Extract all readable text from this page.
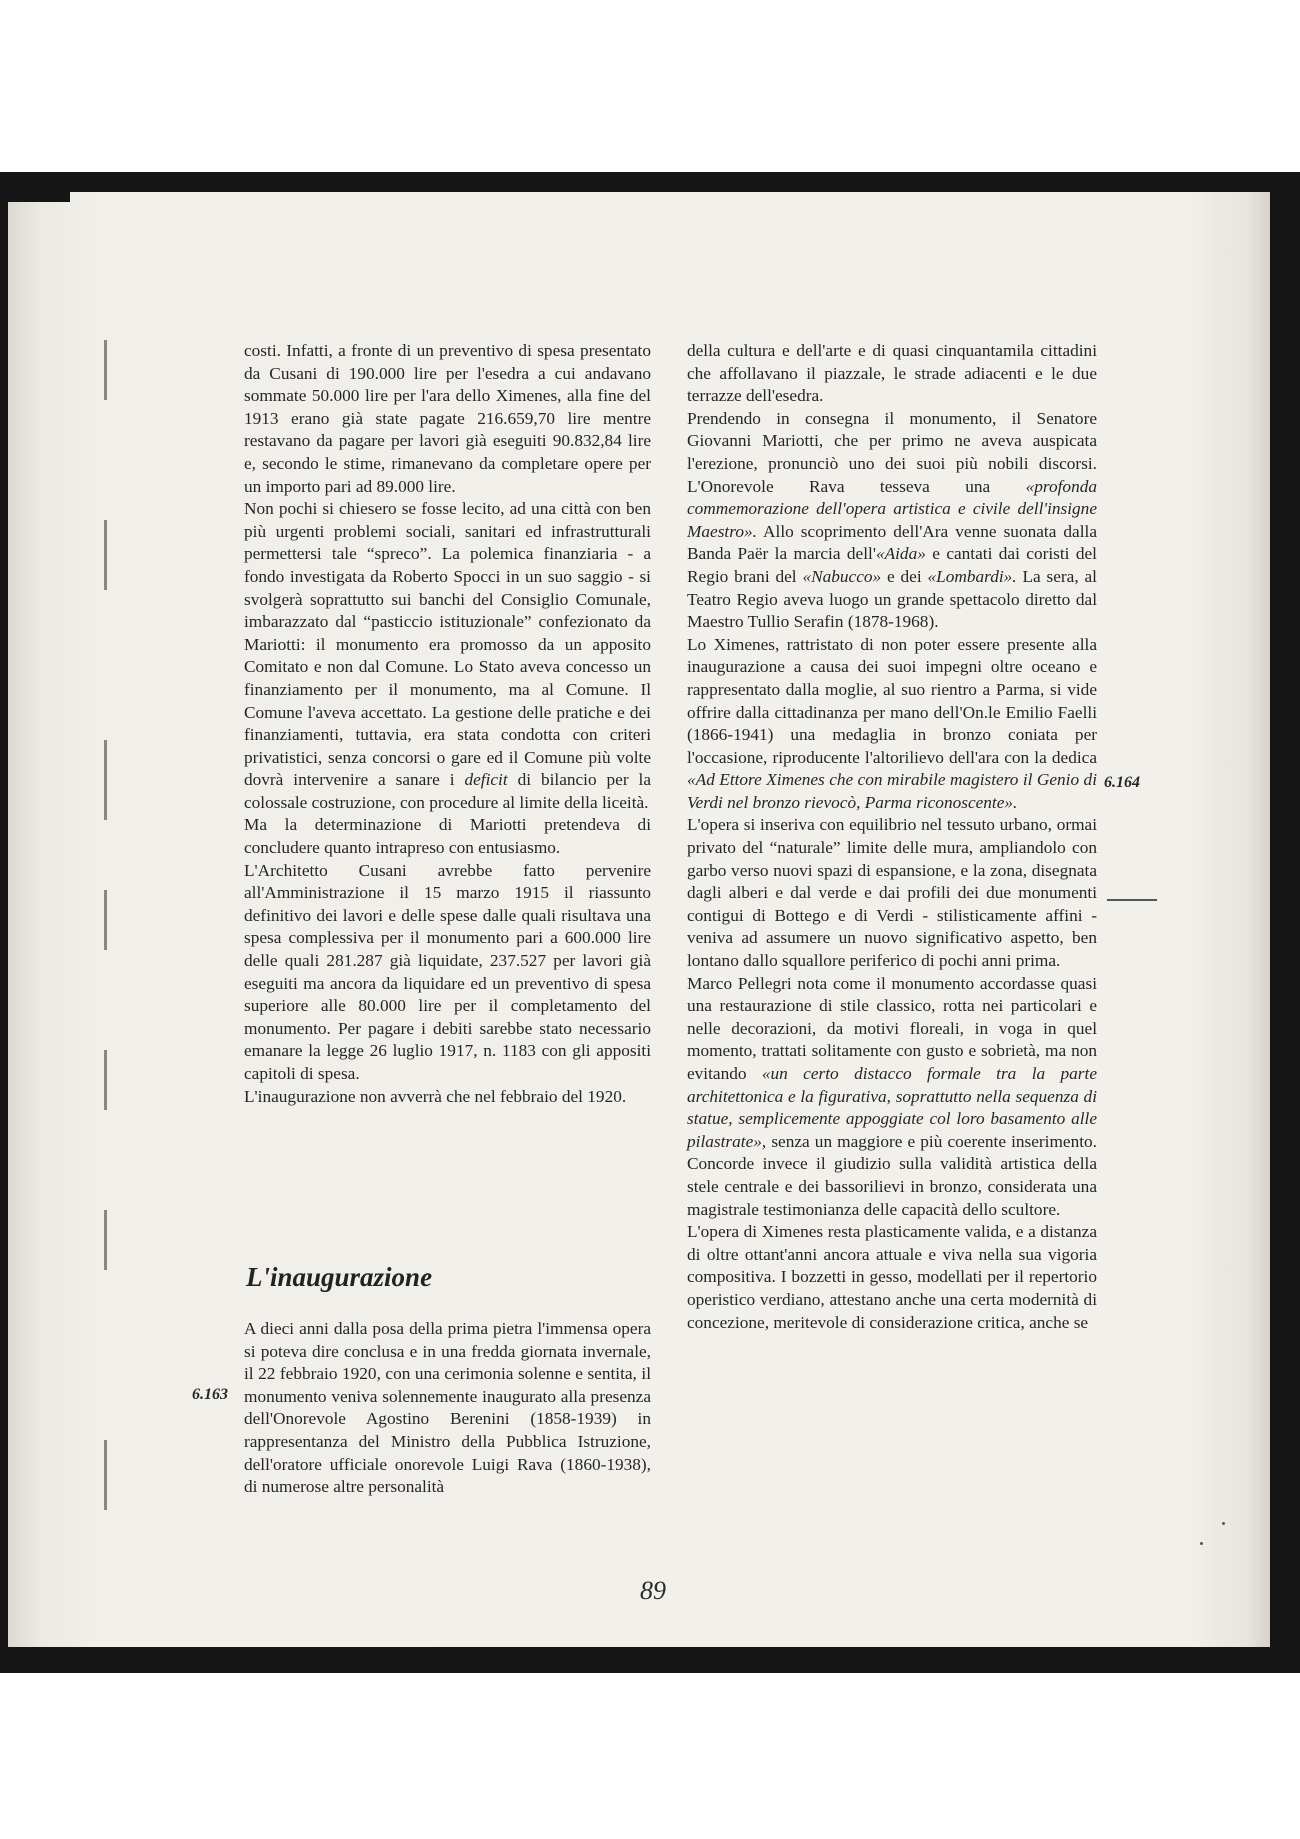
costi. Infatti, a fronte di un preventivo di spesa presentato da Cusani di 190.000 lire per l'esedra a cui andavano sommate 50.000 lire per l'ara dello Ximenes, alla fine del 1913 erano già state pagate 216.659,70 lire mentre restavano da pagare per lavori già eseguiti 90.832,84 lire e, secondo le stime, rimanevano da completare opere per un importo pari ad 89.000 lire.

Non pochi si chiesero se fosse lecito, ad una città con ben più urgenti problemi sociali, sanitari ed infrastrutturali permettersi tale “spreco”. La polemica finanziaria - a fondo investigata da Roberto Spocci in un suo saggio - si svolgerà soprattutto sui banchi del Consiglio Comunale, imbarazzato dal “pasticcio istituzionale” confezionato da Mariotti: il monumento era promosso da un apposito Comitato e non dal Comune. Lo Stato aveva concesso un finanziamento per il monumento, ma al Comune. Il Comune l'aveva accettato. La gestione delle pratiche e dei finanziamenti, tuttavia, era stata condotta con criteri privatistici, senza concorsi o gare ed il Comune più volte dovrà intervenire a sanare i deficit di bilancio per la colossale costruzione, con procedure al limite della liceità.

Ma la determinazione di Mariotti pretendeva di concludere quanto intrapreso con entusiasmo.

L'Architetto Cusani avrebbe fatto pervenire all'Amministrazione il 15 marzo 1915 il riassunto definitivo dei lavori e delle spese dalle quali risultava una spesa complessiva per il monumento pari a 600.000 lire delle quali 281.287 già liquidate, 237.527 per lavori già eseguiti ma ancora da liquidare ed un preventivo di spesa superiore alle 80.000 lire per il completamento del monumento. Per pagare i debiti sarebbe stato necessario emanare la legge 26 luglio 1917, n. 1183 con gli appositi capitoli di spesa.

L'inaugurazione non avverrà che nel febbraio del 1920.

L'inaugurazione

A dieci anni dalla posa della prima pietra l'immensa opera si poteva dire conclusa e in una fredda giornata invernale, il 22 febbraio 1920, con una cerimonia solenne e sentita, il monumento veniva solennemente inaugurato alla presenza dell'Onorevole Agostino Berenini (1858-1939) in rappresentanza del Ministro della Pubblica Istruzione, dell'oratore ufficiale onorevole Luigi Rava (1860-1938), di numerose altre personalità

6.163

della cultura e dell'arte e di quasi cinquantamila cittadini che affollavano il piazzale, le strade adiacenti e le due terrazze dell'esedra.

Prendendo in consegna il monumento, il Senatore Giovanni Mariotti, che per primo ne aveva auspicata l'erezione, pronunciò uno dei suoi più nobili discorsi. L'Onorevole Rava tesseva una «profonda commemorazione dell'opera artistica e civile dell'insigne Maestro». Allo scoprimento dell'Ara venne suonata dalla Banda Paër la marcia dell'«Aida» e cantati dai coristi del Regio brani del «Nabucco» e dei «Lombardi». La sera, al Teatro Regio aveva luogo un grande spettacolo diretto dal Maestro Tullio Serafin (1878-1968).

Lo Ximenes, rattristato di non poter essere presente alla inaugurazione a causa dei suoi impegni oltre oceano e rappresentato dalla moglie, al suo rientro a Parma, si vide offrire dalla cittadinanza per mano dell'On.le Emilio Faelli (1866-1941) una medaglia in bronzo coniata per l'occasione, riproducente l'altorilievo dell'ara con la dedica «Ad Ettore Ximenes che con mirabile magistero il Genio di Verdi nel bronzo rievocò, Parma riconoscente».

L'opera si inseriva con equilibrio nel tessuto urbano, ormai privato del “naturale” limite delle mura, ampliandolo con garbo verso nuovi spazi di espansione, e la zona, disegnata dagli alberi e dal verde e dai profili dei due monumenti contigui di Bottego e di Verdi - stilisticamente affini - veniva ad assumere un nuovo significativo aspetto, ben lontano dallo squallore periferico di pochi anni prima.

Marco Pellegri nota come il monumento accordasse quasi una restaurazione di stile classico, rotta nei particolari e nelle decorazioni, da motivi floreali, in voga in quel momento, trattati solitamente con gusto e sobrietà, ma non evitando «un certo distacco formale tra la parte architettonica e la figurativa, soprattutto nella sequenza di statue, semplicemente appoggiate col loro basamento alle pilastrate», senza un maggiore e più coerente inserimento. Concorde invece il giudizio sulla validità artistica della stele centrale e dei bassorilievi in bronzo, considerata una magistrale testimonianza delle capacità dello scultore.

L'opera di Ximenes resta plasticamente valida, e a distanza di oltre ottant'anni ancora attuale e viva nella sua vigoria compositiva. I bozzetti in gesso, modellati per il repertorio operistico verdiano, attestano anche una certa modernità di concezione, meritevole di considerazione critica, anche se

6.164
89
